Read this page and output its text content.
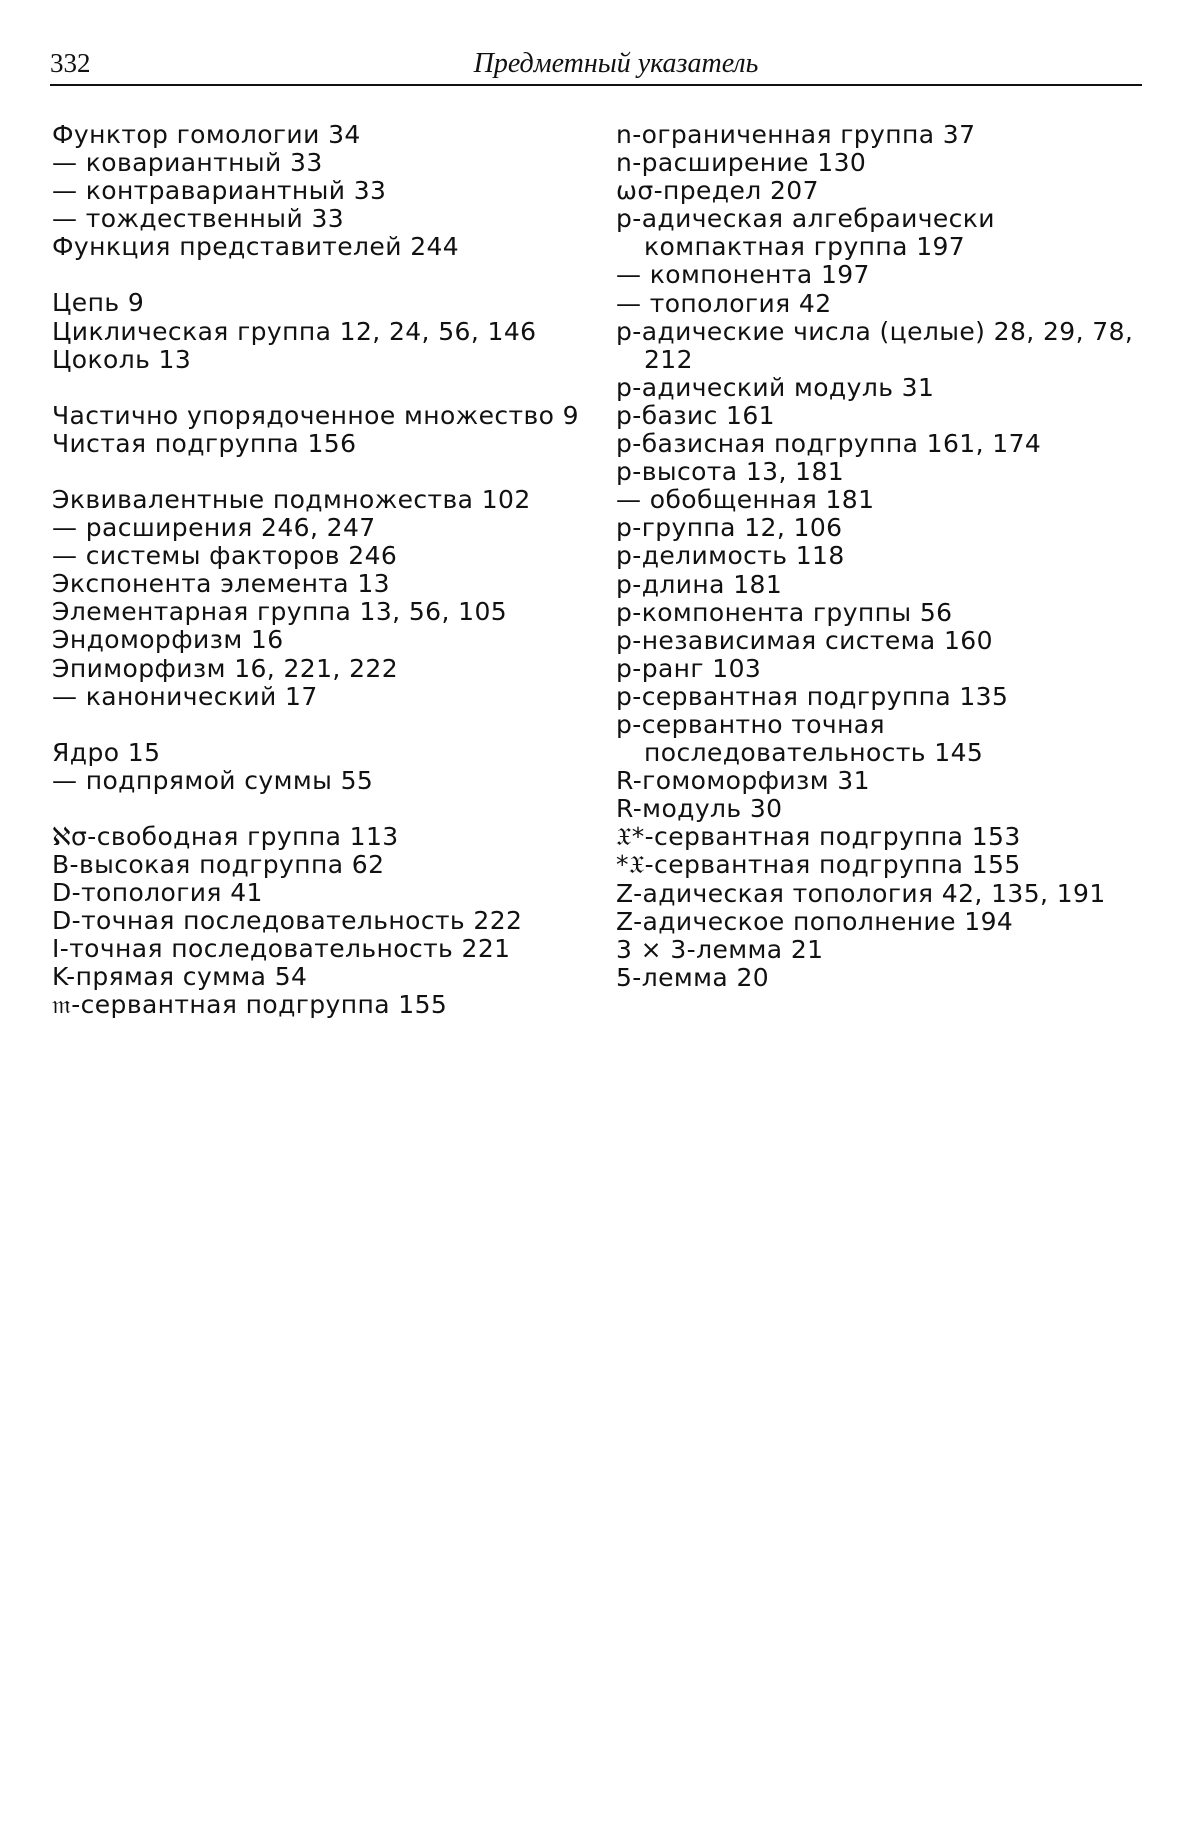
332	Предметный указатель

Функтор гомологии 34

— ковариантный 33

— контравариантный 33

— тождественный 33

Функция представителей 244

Цепь 9

Циклическая группа 12, 24, 56, 146

Цоколь 13

Частично упорядоченное множество 9

Чистая подгруппа 156

Эквивалентные подмножества 102

— расширения 246, 247

— системы факторов 246

Экспонента элемента 13

Элементарная группа 13, 56, 105

Эндоморфизм 16

Эпиморфизм 16, 221, 222

— канонический 17

Ядро 15

— подпрямой суммы 55

ℵσ-свободная группа 113

B-высокая подгруппа 62

D-топология 41

D-точная последовательность 222

I-точная последовательность 221

K-прямая сумма 54

𝔪-сервантная подгруппа 155

n-ограниченная группа 37

n-расширение 130

ωσ-предел 207

p-адическая алгебраически компактная группа 197

— компонента 197

— топология 42

p-адические числа (целые) 28, 29, 78, 212

p-адический модуль 31

p-базис 161

p-базисная подгруппа 161, 174

p-высота 13, 181

— обобщенная 181

p-группа 12, 106

p-делимость 118

p-длина 181

p-компонента группы 56

p-независимая система 160

p-ранг 103

p-сервантная подгруппа 135

p-сервантно точная последовательность 145

R-гомоморфизм 31

R-модуль 30

𝔛*-сервантная подгруппа 153

*𝔛-сервантная подгруппа 155

Z-адическая топология 42, 135, 191

Z-адическое пополнение 194

3 × 3-лемма 21

5-лемма 20
